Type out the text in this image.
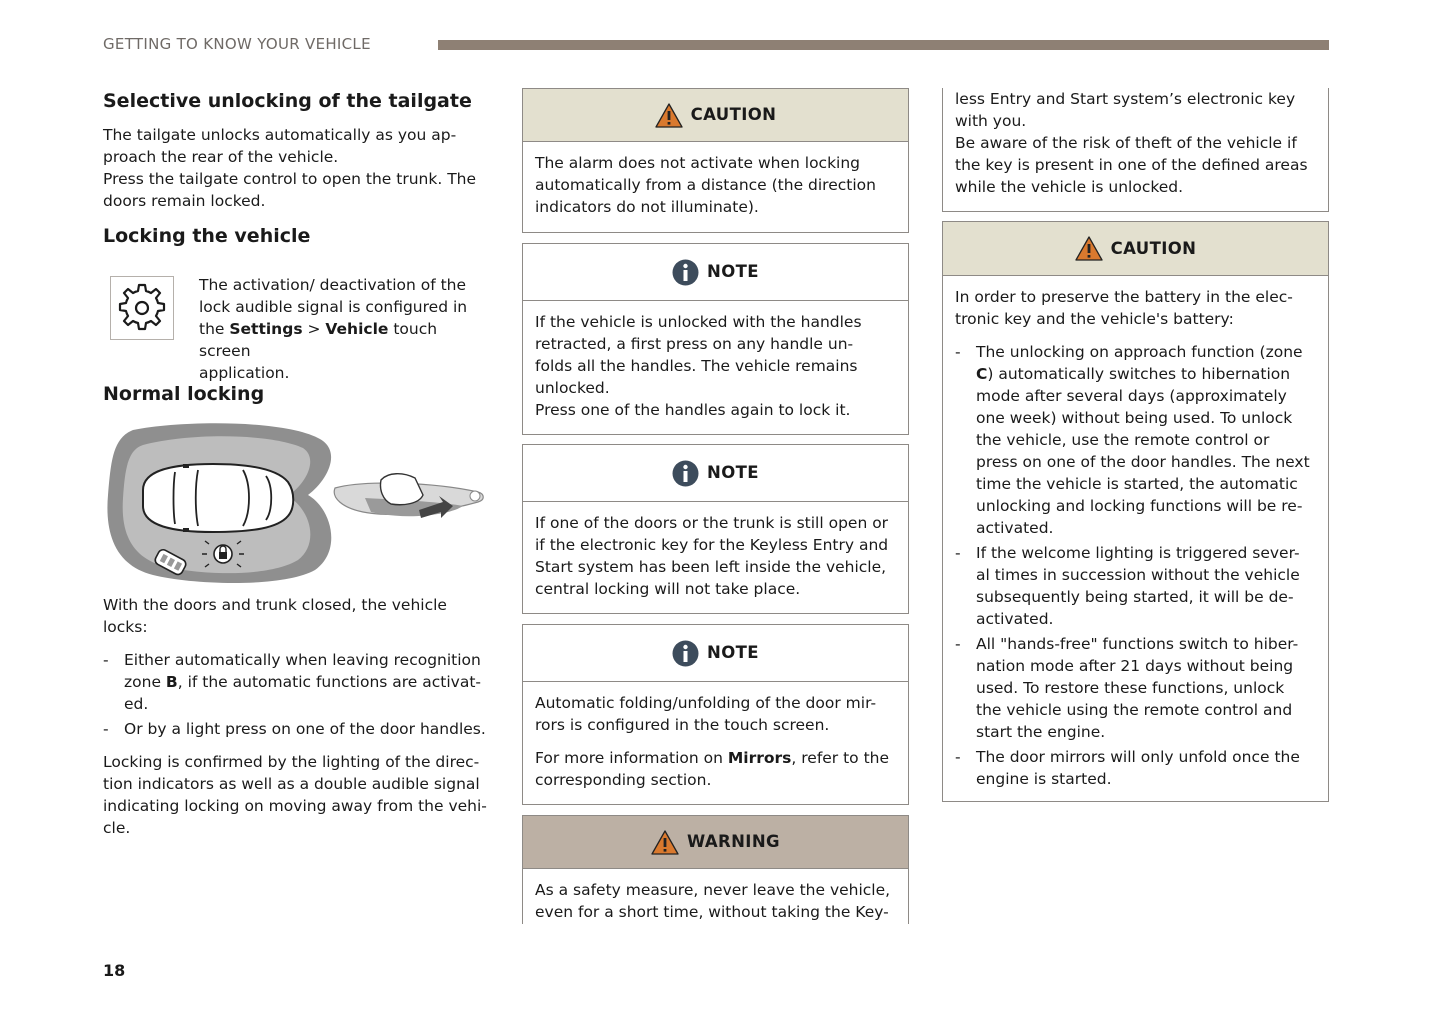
GETTING TO KNOW YOUR VEHICLE
Selective unlocking of the tailgate
The tailgate unlocks automatically as you ap-
proach the rear of the vehicle.
Press the tailgate control to open the trunk. The
doors remain locked.
Locking the vehicle
The activation/ deactivation of the
lock audible signal is configured in
the Settings > Vehicle touch screen
application.
Normal locking
With the doors and trunk closed, the vehicle
locks:
- Either automatically when leaving recognition
zone B, if the automatic functions are activat-
ed.
- Or by a light press on one of the door handles.
Locking is confirmed by the lighting of the direc-
tion indicators as well as a double audible signal
indicating locking on moving away from the vehi-
cle.
CAUTION
The alarm does not activate when locking
automatically from a distance (the direction
indicators do not illuminate).
NOTE
If the vehicle is unlocked with the handles
retracted, a first press on any handle un-
folds all the handles. The vehicle remains
unlocked.
Press one of the handles again to lock it.
NOTE
If one of the doors or the trunk is still open or
if the electronic key for the Keyless Entry and
Start system has been left inside the vehicle,
central locking will not take place.
NOTE
Automatic folding/unfolding of the door mir-
rors is configured in the touch screen.
For more information on Mirrors, refer to the
corresponding section.
WARNING
As a safety measure, never leave the vehicle,
even for a short time, without taking the Key-
less Entry and Start system’s electronic key
with you.
Be aware of the risk of theft of the vehicle if
the key is present in one of the defined areas
while the vehicle is unlocked.
CAUTION
In order to preserve the battery in the elec-
tronic key and the vehicle's battery:
- The unlocking on approach function (zone
C) automatically switches to hibernation
mode after several days (approximately
one week) without being used. To unlock
the vehicle, use the remote control or
press on one of the door handles. The next
time the vehicle is started, the automatic
unlocking and locking functions will be re-
activated.
- If the welcome lighting is triggered sever-
al times in succession without the vehicle
subsequently being started, it will be de-
activated.
- All "hands-free" functions switch to hiber-
nation mode after 21 days without being
used. To restore these functions, unlock
the vehicle using the remote control and
start the engine.
- The door mirrors will only unfold once the
engine is started.
18
